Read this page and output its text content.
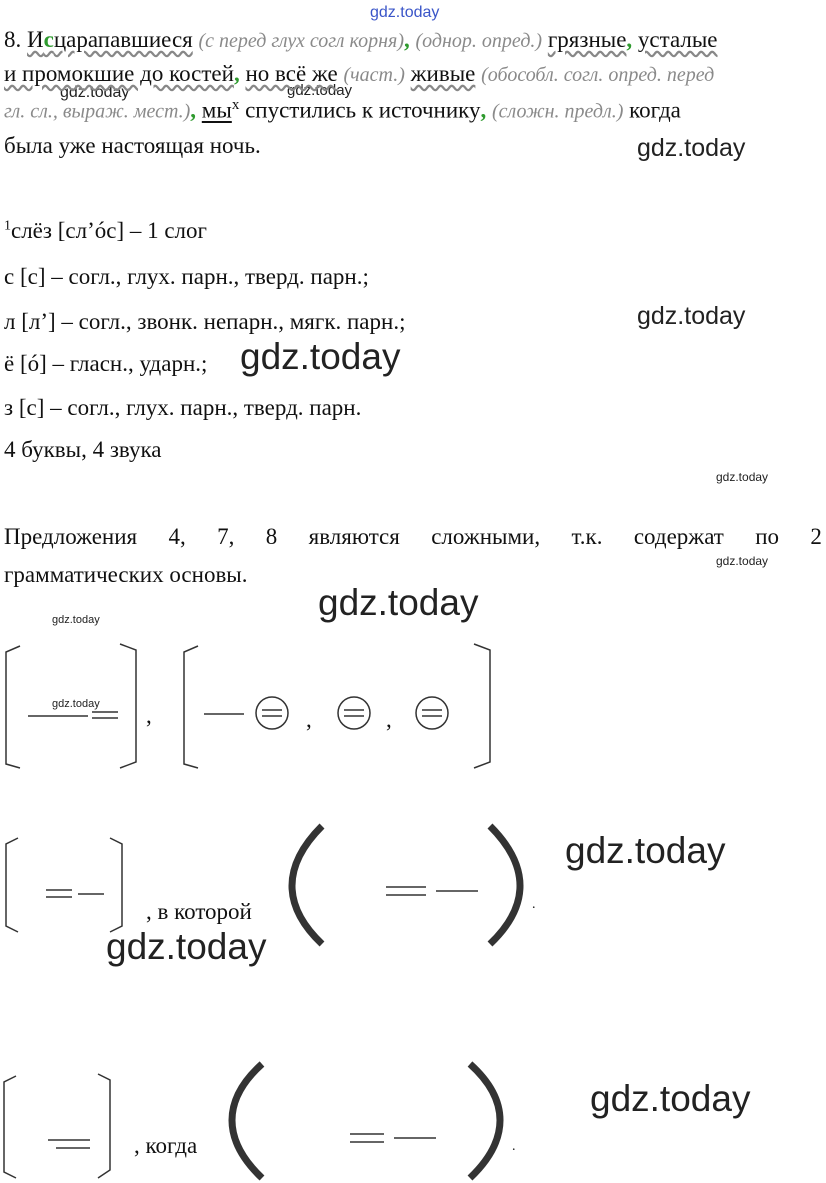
gdz.today
gdz.today	gdz.today
gdz.today
gdz.today
gdz.today
gdz.today
gdz.today
gdz.today
gdz.today
gdz.today
gdz.today
gdz.today
gdz.today
8. Исцарапавшиеся (с перед глух согл корня), (однор. опред.) грязные, усталые
и промокшие до костей, но всё же (част.) живые (обособл. согл. опред. перед
гл. сл., выраж. мест.), $мы^х$ спустились к источнику, (сложн. предл.) когда
была уже настоящая ночь.
$^1$слёз [сл’óс] – 1 слог
с [с] – согл., глух. парн., тверд. парн.;
л [л’] – согл., звонк. непарн., мягк. парн.;
ё [ó] – гласн., ударн.;
з [с] – согл., глух. парн., тверд. парн.
4 буквы, 4 звука
Предложения 4, 7, 8 являются сложными, т.к. содержат по 2
грамматических основы.
,	,	,
, в которой	.
, когда	.
